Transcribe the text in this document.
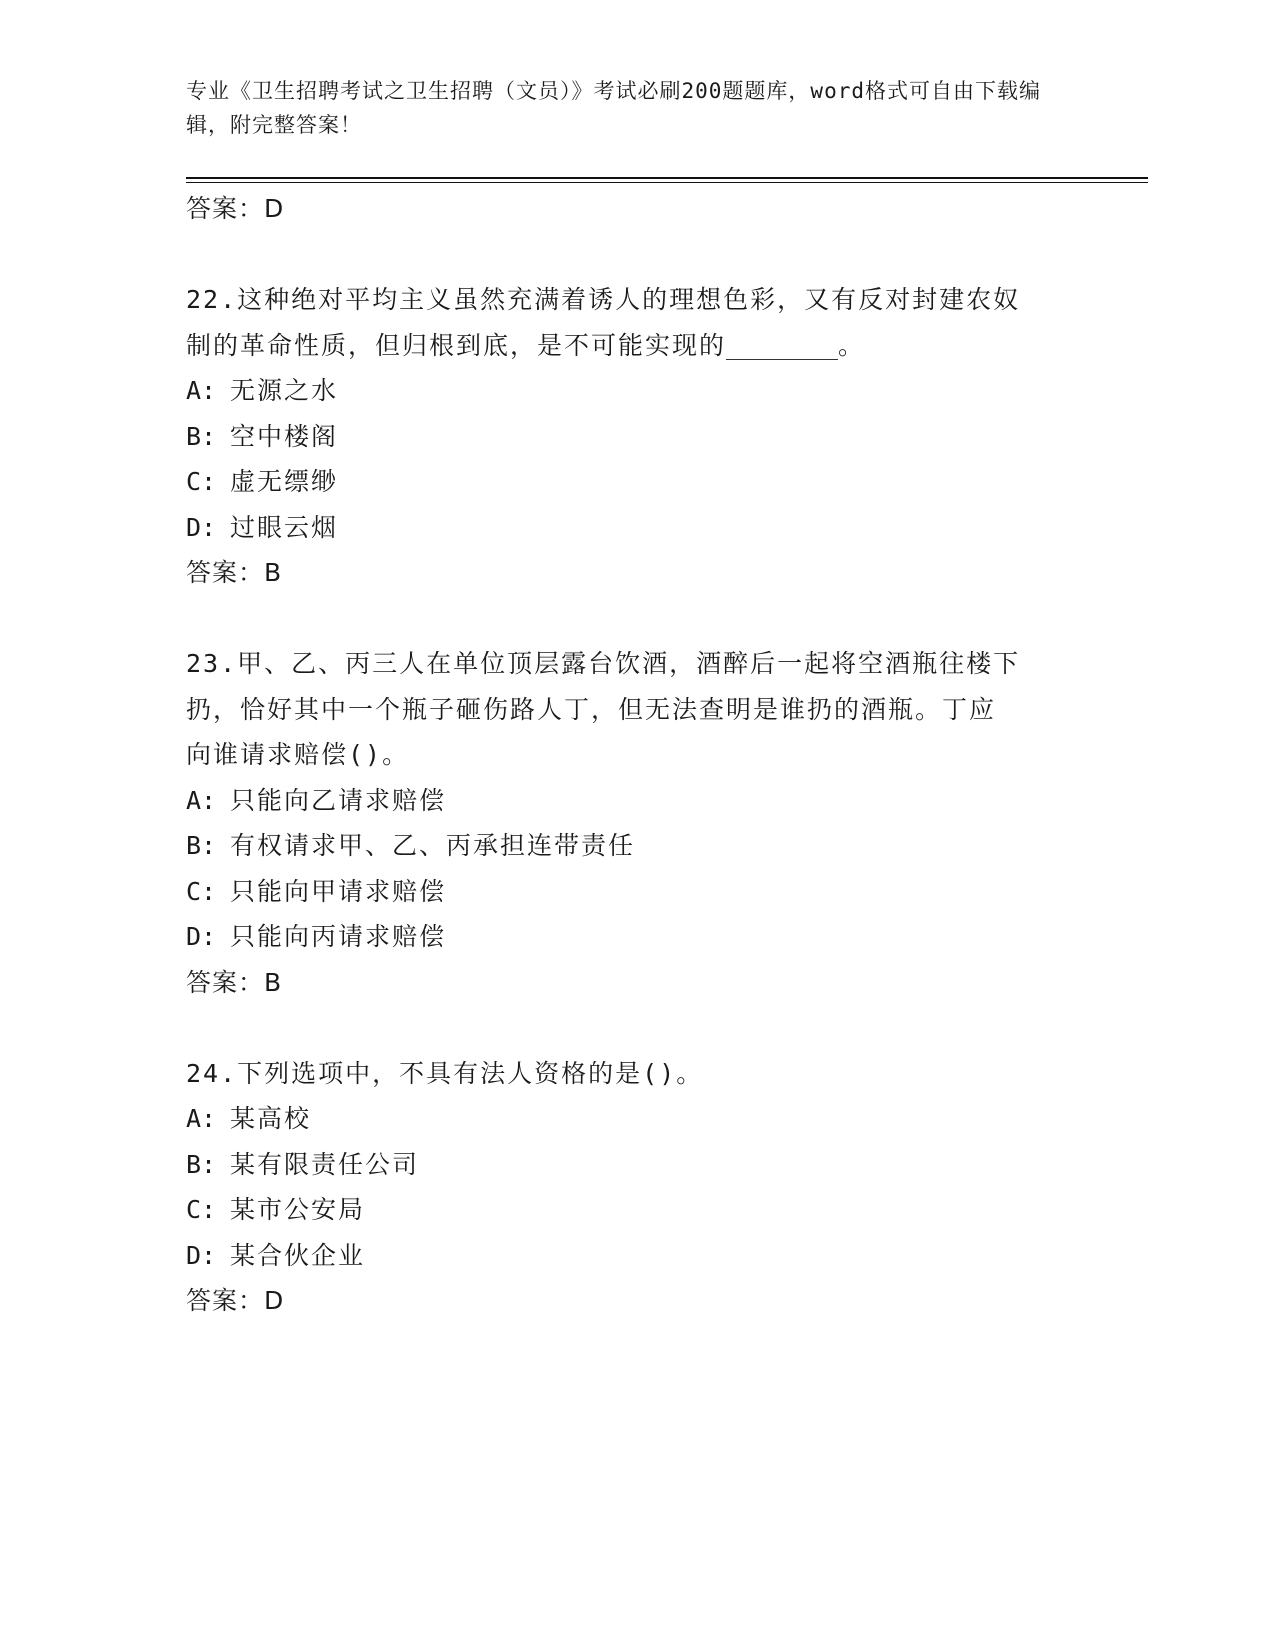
专业《卫生招聘考试之卫生招聘（文员）》考试必刷200题题库，word格式可自由下载编辑，附完整答案！
答案：D
22.这种绝对平均主义虽然充满着诱人的理想色彩，又有反对封建农奴
制的革命性质，但归根到底，是不可能实现的	。
A: 无源之水
B: 空中楼阁
C: 虚无缥缈
D: 过眼云烟
答案：B
23.甲、乙、丙三人在单位顶层露台饮酒，酒醉后一起将空酒瓶往楼下
扔，恰好其中一个瓶子砸伤路人丁，但无法查明是谁扔的酒瓶。丁应
向谁请求赔偿()。
A: 只能向乙请求赔偿
B: 有权请求甲、乙、丙承担连带责任
C: 只能向甲请求赔偿
D: 只能向丙请求赔偿
答案：B
24.下列选项中，不具有法人资格的是()。
A: 某高校
B: 某有限责任公司
C: 某市公安局
D: 某合伙企业
答案：D
